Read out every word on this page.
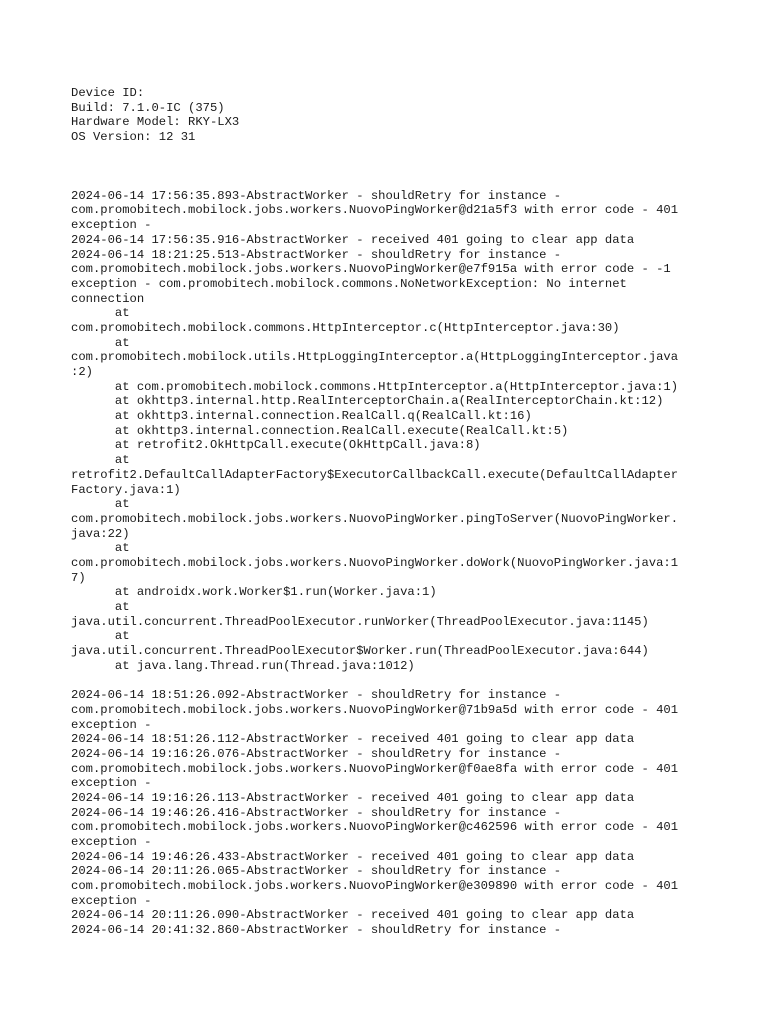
Device ID:
Build: 7.1.0-IC (375)
Hardware Model: RKY-LX3
OS Version: 12 31
2024-06-14 17:56:35.893-AbstractWorker - shouldRetry for instance -
com.promobitech.mobilock.jobs.workers.NuovoPingWorker@d21a5f3 with error code - 401
exception -
2024-06-14 17:56:35.916-AbstractWorker - received 401 going to clear app data
2024-06-14 18:21:25.513-AbstractWorker - shouldRetry for instance -
com.promobitech.mobilock.jobs.workers.NuovoPingWorker@e7f915a with error code - -1
exception - com.promobitech.mobilock.commons.NoNetworkException: No internet
connection
at
com.promobitech.mobilock.commons.HttpInterceptor.c(HttpInterceptor.java:30)
at
com.promobitech.mobilock.utils.HttpLoggingInterceptor.a(HttpLoggingInterceptor.java
:2)
at com.promobitech.mobilock.commons.HttpInterceptor.a(HttpInterceptor.java:1)
at okhttp3.internal.http.RealInterceptorChain.a(RealInterceptorChain.kt:12)
at okhttp3.internal.connection.RealCall.q(RealCall.kt:16)
at okhttp3.internal.connection.RealCall.execute(RealCall.kt:5)
at retrofit2.OkHttpCall.execute(OkHttpCall.java:8)
at
retrofit2.DefaultCallAdapterFactory$ExecutorCallbackCall.execute(DefaultCallAdapter
Factory.java:1)
at
com.promobitech.mobilock.jobs.workers.NuovoPingWorker.pingToServer(NuovoPingWorker.
java:22)
at
com.promobitech.mobilock.jobs.workers.NuovoPingWorker.doWork(NuovoPingWorker.java:1
7)
at androidx.work.Worker$1.run(Worker.java:1)
at
java.util.concurrent.ThreadPoolExecutor.runWorker(ThreadPoolExecutor.java:1145)
at
java.util.concurrent.ThreadPoolExecutor$Worker.run(ThreadPoolExecutor.java:644)
at java.lang.Thread.run(Thread.java:1012)
2024-06-14 18:51:26.092-AbstractWorker - shouldRetry for instance -
com.promobitech.mobilock.jobs.workers.NuovoPingWorker@71b9a5d with error code - 401
exception -
2024-06-14 18:51:26.112-AbstractWorker - received 401 going to clear app data
2024-06-14 19:16:26.076-AbstractWorker - shouldRetry for instance -
com.promobitech.mobilock.jobs.workers.NuovoPingWorker@f0ae8fa with error code - 401
exception -
2024-06-14 19:16:26.113-AbstractWorker - received 401 going to clear app data
2024-06-14 19:46:26.416-AbstractWorker - shouldRetry for instance -
com.promobitech.mobilock.jobs.workers.NuovoPingWorker@c462596 with error code - 401
exception -
2024-06-14 19:46:26.433-AbstractWorker - received 401 going to clear app data
2024-06-14 20:11:26.065-AbstractWorker - shouldRetry for instance -
com.promobitech.mobilock.jobs.workers.NuovoPingWorker@e309890 with error code - 401
exception -
2024-06-14 20:11:26.090-AbstractWorker - received 401 going to clear app data
2024-06-14 20:41:32.860-AbstractWorker - shouldRetry for instance -
